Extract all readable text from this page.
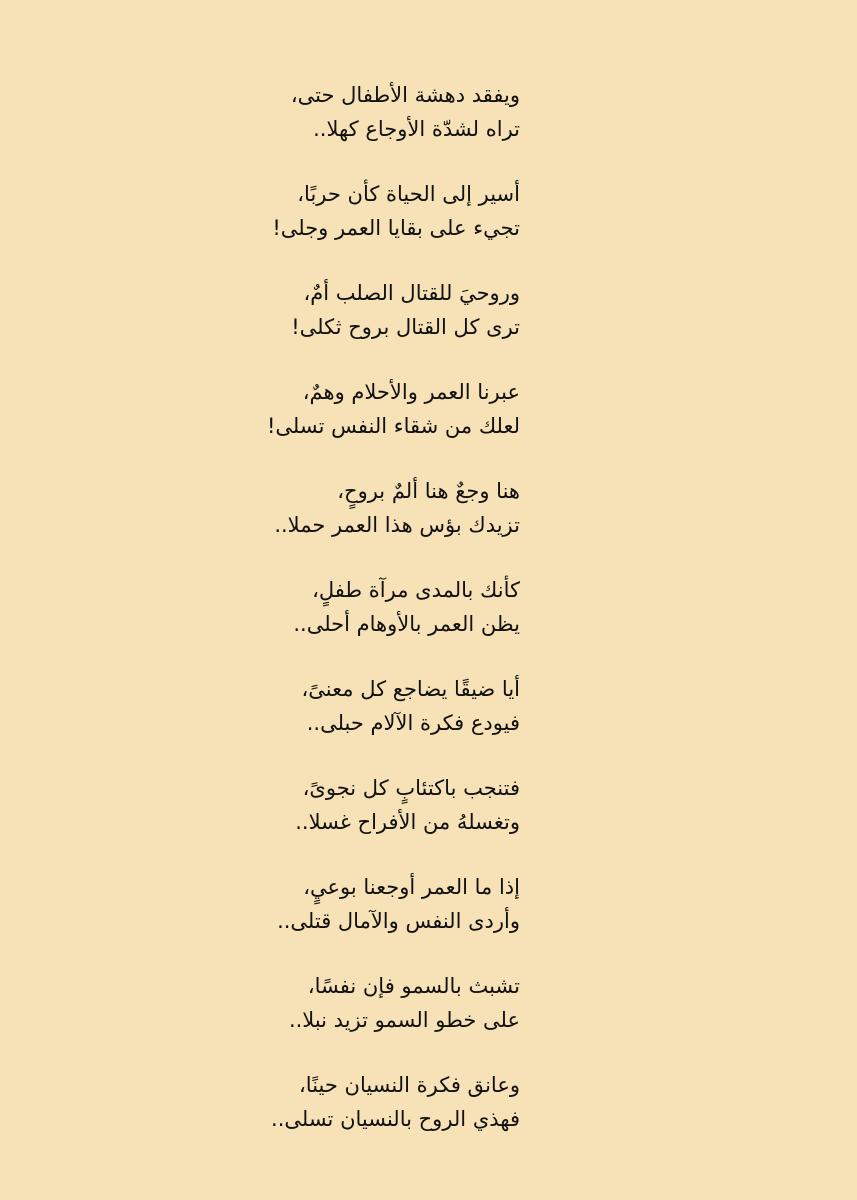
ويفقد دهشة الأطفال حتى،
تراه لشدّة الأوجاع كهلا..
أسير إلى الحياة كأن حربًا،
تجيء على بقايا العمر وجلى!
وروحيَ للقتال الصلب أمٌ،
ترى كل القتال بروح ثكلى!
عبرنا العمر والأحلام وهمٌ،
لعلك من شقاء النفس تسلى!
هنا وجعٌ هنا ألمٌ بروحٍ،
تزيدك بؤس هذا العمر حملا..
كأنك بالمدى مرآة طفلٍ،
يظن العمر بالأوهام أحلى..
أيا ضيقًا يضاجع كل معنىً،
فيودع فكرة الآلام حبلى..
فتنجب باكتئابٍ كل نجوىً،
وتغسلهُ من الأفراح غسلا..
إذا ما العمر أوجعنا بوعيٍ،
وأردى النفس والآمال قتلى..
تشبث بالسمو فإن نفسًا،
على خطو السمو تزيد نبلا..
وعانق فكرة النسيان حينًا،
فهذي الروح بالنسيان تسلى..
